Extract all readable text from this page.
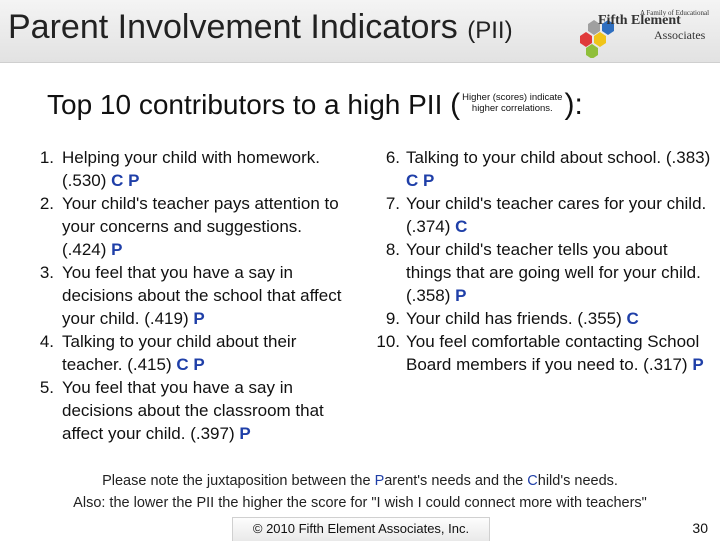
Parent Involvement Indicators (PII)
A Family of Educational
Fifth Element
Associates
Top 10 contributors to a high PII ( Higher (scores) indicate
higher correlations. ):
1. Helping your child with homework. (.530) C P
2. Your child's teacher pays attention to your concerns and suggestions. (.424) P
3. You feel that you have a say in decisions about the school that affect your child. (.419) P
4. Talking to your child about their teacher. (.415) C P
5. You feel that you have a say in decisions about the classroom that affect your child. (.397) P
6. Talking to your child about school. (.383) C P
7. Your child's teacher cares for your child. (.374) C
8. Your child's teacher tells you about things that are going well for your child. (.358) P
9. Your child has friends. (.355) C
10. You feel comfortable contacting School Board members if you need to. (.317) P
Please note the juxtaposition between the Parent's needs and the Child's needs.
Also: the lower the PII the higher the score for "I wish I could connect more with teachers"
© 2010 Fifth Element Associates, Inc.	30
